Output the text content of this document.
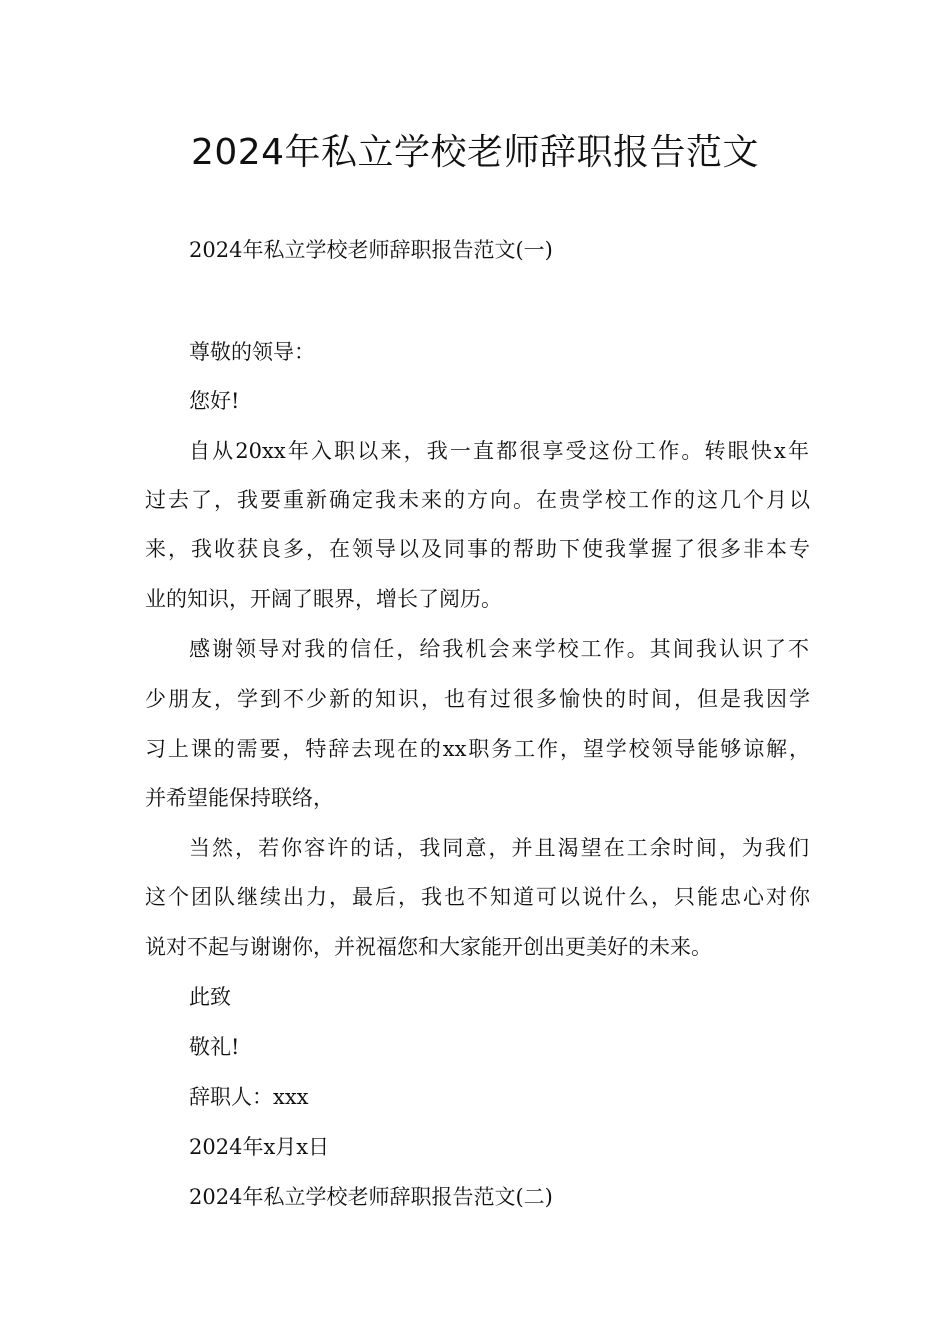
2024年私立学校老师辞职报告范文

2024年私立学校老师辞职报告范文(一)

尊敬的领导：

您好!

自从20xx年入职以来，我一直都很享受这份工作。转眼快x年

过去了，我要重新确定我未来的方向。在贵学校工作的这几个月以

来，我收获良多，在领导以及同事的帮助下使我掌握了很多非本专

业的知识，开阔了眼界，增长了阅历。

感谢领导对我的信任，给我机会来学校工作。其间我认识了不

少朋友，学到不少新的知识，也有过很多愉快的时间，但是我因学

习上课的需要，特辞去现在的xx职务工作，望学校领导能够谅解，

并希望能保持联络，

当然，若你容许的话，我同意，并且渴望在工余时间，为我们

这个团队继续出力，最后，我也不知道可以说什么，只能忠心对你

说对不起与谢谢你，并祝福您和大家能开创出更美好的未来。

此致

敬礼!

辞职人：xxx

2024年x月x日

2024年私立学校老师辞职报告范文(二)
